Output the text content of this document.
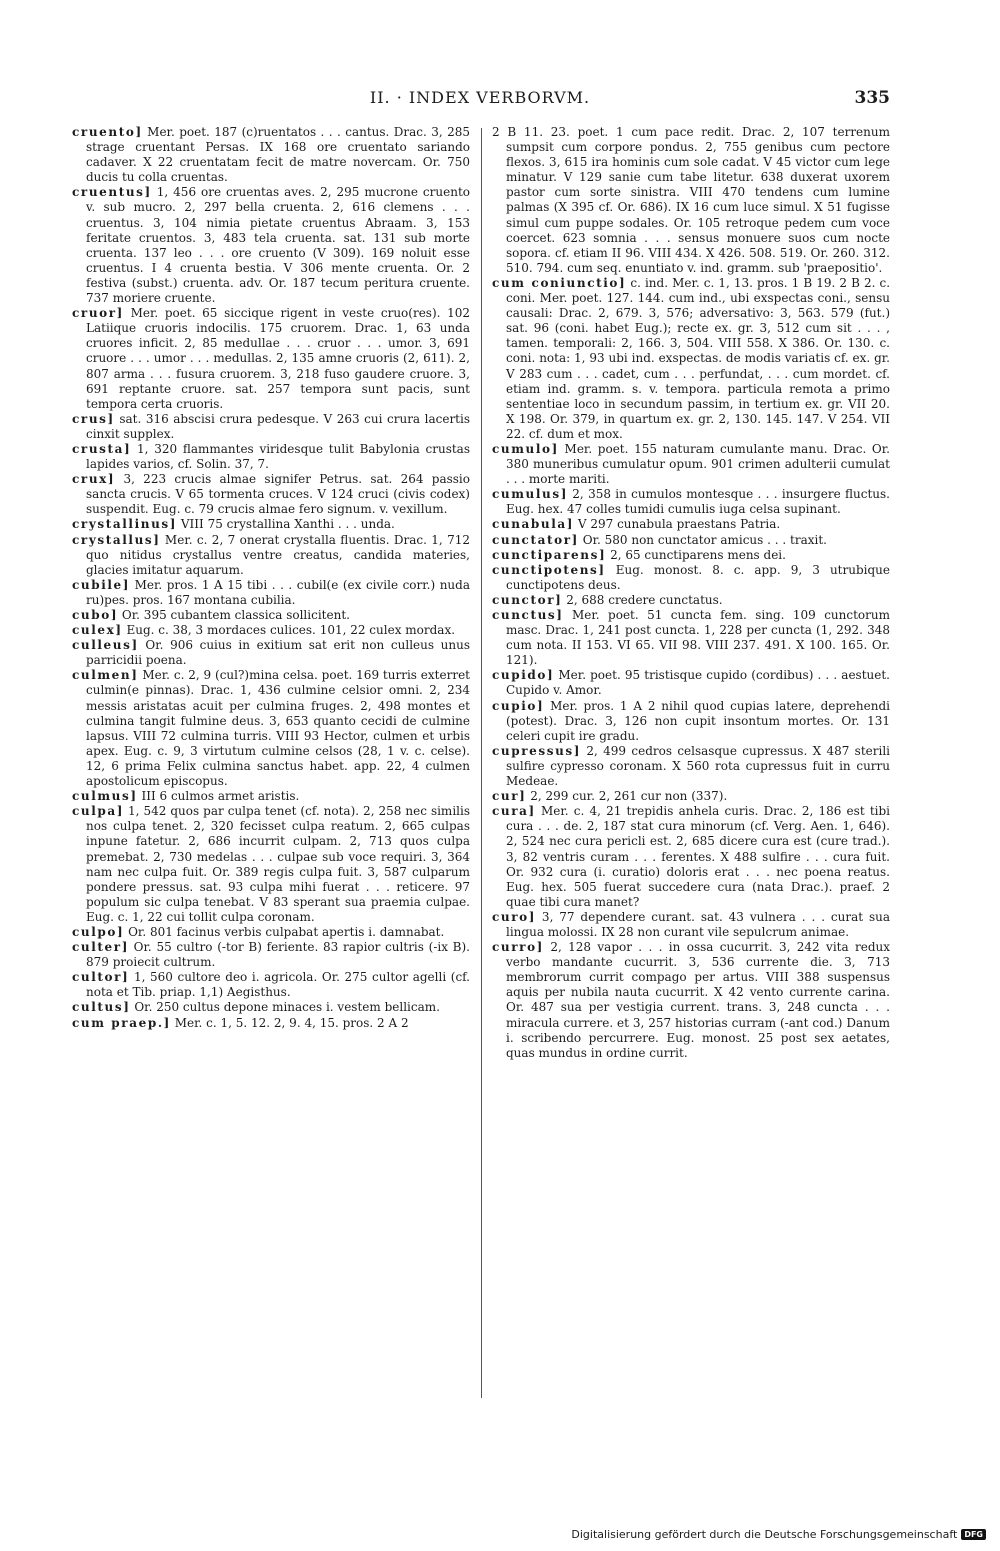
II. · INDEX VERBORVM.	335

cruento] Mer. poet. 187 (c)ruentatos . . . cantus. Drac. 3, 285 strage cruentant Persas. IX 168 ore cruentato sariando cadaver. X 22 cruentatam fecit de matre novercam. Or. 750 ducis tu colla cruentas.

cruentus] 1, 456 ore cruentas aves. 2, 295 mucrone cruento v. sub mucro. 2, 297 bella cruenta. 2, 616 clemens . . . cruentus. 3, 104 nimia pietate cruentus Abraam. 3, 153 feritate cruentos. 3, 483 tela cruenta. sat. 131 sub morte cruenta. 137 leo . . . ore cruento (V 309). 169 noluit esse cruentus. I 4 cruenta bestia. V 306 mente cruenta. Or. 2 festiva (subst.) cruenta. adv. Or. 187 tecum peritura cruente. 737 moriere cruente.

cruor] Mer. poet. 65 siccique rigent in veste cruo(res). 102 Latiique cruoris indocilis. 175 cruorem. Drac. 1, 63 unda cruores inficit. 2, 85 medullae . . . cruor . . . umor. 3, 691 cruore . . . umor . . . medullas. 2, 135 amne cruoris (2, 611). 2, 807 arma . . . fusura cruorem. 3, 218 fuso gaudere cruore. 3, 691 reptante cruore. sat. 257 tempora sunt pacis, sunt tempora certa cruoris.

crus] sat. 316 abscisi crura pedesque. V 263 cui crura lacertis cinxit supplex.

crusta] 1, 320 flammantes viridesque tulit Babylonia crustas lapides varios, cf. Solin. 37, 7.

crux] 3, 223 crucis almae signifer Petrus. sat. 264 passio sancta crucis. V 65 tormenta cruces. V 124 cruci (civis codex) suspendit. Eug. c. 79 crucis almae fero signum. v. vexillum.

crystallinus] VIII 75 crystallina Xanthi . . . unda.

crystallus] Mer. c. 2, 7 onerat crystalla fluentis. Drac. 1, 712 quo nitidus crystallus ventre creatus, candida materies, glacies imitatur aquarum.

cubile] Mer. pros. 1 A 15 tibi . . . cubil(e (ex civile corr.) nuda ru)pes. pros. 167 montana cubilia.

cubo] Or. 395 cubantem classica sollicitent.

culex] Eug. c. 38, 3 mordaces culices. 101, 22 culex mordax.

culleus] Or. 906 cuius in exitium sat erit non culleus unus parricidii poena.

culmen] Mer. c. 2, 9 (cul?)mina celsa. poet. 169 turris exterret culmin(e pinnas). Drac. 1, 436 culmine celsior omni. 2, 234 messis aristatas acuit per culmina fruges. 2, 498 montes et culmina tangit fulmine deus. 3, 653 quanto cecidi de culmine lapsus. VIII 72 culmina turris. VIII 93 Hector, culmen et urbis apex. Eug. c. 9, 3 virtutum culmine celsos (28, 1 v. c. celse). 12, 6 prima Felix culmina sanctus habet. app. 22, 4 culmen apostolicum episcopus.

culmus] III 6 culmos armet aristis.

culpa] 1, 542 quos par culpa tenet (cf. nota). 2, 258 nec similis nos culpa tenet. 2, 320 fecisset culpa reatum. 2, 665 culpas inpune fatetur. 2, 686 incurrit culpam. 2, 713 quos culpa premebat. 2, 730 medelas . . . culpae sub voce requiri. 3, 364 nam nec culpa fuit. Or. 389 regis culpa fuit. 3, 587 culparum pondere pressus. sat. 93 culpa mihi fuerat . . . reticere. 97 populum sic culpa tenebat. V 83 sperant sua praemia culpae. Eug. c. 1, 22 cui tollit culpa coronam.

culpo] Or. 801 facinus verbis culpabat apertis i. damnabat.

culter] Or. 55 cultro (-tor B) feriente. 83 rapior cultris (-ix B). 879 proiecit cultrum.

cultor] 1, 560 cultore deo i. agricola. Or. 275 cultor agelli (cf. nota et Tib. priap. 1,1) Aegisthus.

cultus] Or. 250 cultus depone minaces i. vestem bellicam.

cum praep.] Mer. c. 1, 5. 12. 2, 9. 4, 15. pros. 2 A 2

2 B 11. 23. poet. 1 cum pace redit. Drac. 2, 107 terrenum sumpsit cum corpore pondus. 2, 755 genibus cum pectore flexos. 3, 615 ira hominis cum sole cadat. V 45 victor cum lege minatur. V 129 sanie cum tabe litetur. 638 duxerat uxorem pastor cum sorte sinistra. VIII 470 tendens cum lumine palmas (X 395 cf. Or. 686). IX 16 cum luce simul. X 51 fugisse simul cum puppe sodales. Or. 105 retroque pedem cum voce coercet. 623 somnia . . . sensus monuere suos cum nocte sopora. cf. etiam II 96. VIII 434. X 426. 508. 519. Or. 260. 312. 510. 794. cum seq. enuntiato v. ind. gramm. sub 'praepositio'.

cum coniunctio] c. ind. Mer. c. 1, 13. pros. 1 B 19. 2 B 2. c. coni. Mer. poet. 127. 144. cum ind., ubi exspectas coni., sensu causali: Drac. 2, 679. 3, 576; adversativo: 3, 563. 579 (fut.) sat. 96 (coni. habet Eug.); recte ex. gr. 3, 512 cum sit . . . , tamen. temporali: 2, 166. 3, 504. VIII 558. X 386. Or. 130. c. coni. nota: 1, 93 ubi ind. exspectas. de modis variatis cf. ex. gr. V 283 cum . . . cadet, cum . . . perfundat, . . . cum mordet. cf. etiam ind. gramm. s. v. tempora. particula remota a primo sententiae loco in secundum passim, in tertium ex. gr. VII 20. X 198. Or. 379, in quartum ex. gr. 2, 130. 145. 147. V 254. VII 22. cf. dum et mox.

cumulo] Mer. poet. 155 naturam cumulante manu. Drac. Or. 380 muneribus cumulatur opum. 901 crimen adulterii cumulat . . . morte mariti.

cumulus] 2, 358 in cumulos montesque . . . insurgere fluctus. Eug. hex. 47 colles tumidi cumulis iuga celsa supinant.

cunabula] V 297 cunabula praestans Patria.

cunctator] Or. 580 non cunctator amicus . . . traxit.

cunctiparens] 2, 65 cunctiparens mens dei.

cunctipotens] Eug. monost. 8. c. app. 9, 3 utrubique cunctipotens deus.

cunctor] 2, 688 credere cunctatus.

cunctus] Mer. poet. 51 cuncta fem. sing. 109 cunctorum masc. Drac. 1, 241 post cuncta. 1, 228 per cuncta (1, 292. 348 cum nota. II 153. VI 65. VII 98. VIII 237. 491. X 100. 165. Or. 121).

cupido] Mer. poet. 95 tristisque cupido (cordibus) . . . aestuet. Cupido v. Amor.

cupio] Mer. pros. 1 A 2 nihil quod cupias latere, deprehendi (potest). Drac. 3, 126 non cupit insontum mortes. Or. 131 celeri cupit ire gradu.

cupressus] 2, 499 cedros celsasque cupressus. X 487 sterili sulfire cypresso coronam. X 560 rota cupressus fuit in curru Medeae.

cur] 2, 299 cur. 2, 261 cur non (337).

cura] Mer. c. 4, 21 trepidis anhela curis. Drac. 2, 186 est tibi cura . . . de. 2, 187 stat cura minorum (cf. Verg. Aen. 1, 646). 2, 524 nec cura pericli est. 2, 685 dicere cura est (cure trad.). 3, 82 ventris curam . . . ferentes. X 488 sulfire . . . cura fuit. Or. 932 cura (i. curatio) doloris erat . . . nec poena reatus. Eug. hex. 505 fuerat succedere cura (nata Drac.). praef. 2 quae tibi cura manet?

curo] 3, 77 dependere curant. sat. 43 vulnera . . . curat sua lingua molossi. IX 28 non curant vile sepulcrum animae.

curro] 2, 128 vapor . . . in ossa cucurrit. 3, 242 vita redux verbo mandante cucurrit. 3, 536 currente die. 3, 713 membrorum currit compago per artus. VIII 388 suspensus aquis per nubila nauta cucurrit. X 42 vento currente carina. Or. 487 sua per vestigia current. trans. 3, 248 cuncta . . . miracula currere. et 3, 257 historias curram (-ant cod.) Danum i. scribendo percurrere. Eug. monost. 25 post sex aetates, quas mundus in ordine currit.

Digitalisierung gefördert durch die Deutsche Forschungsgemeinschaft DFG
